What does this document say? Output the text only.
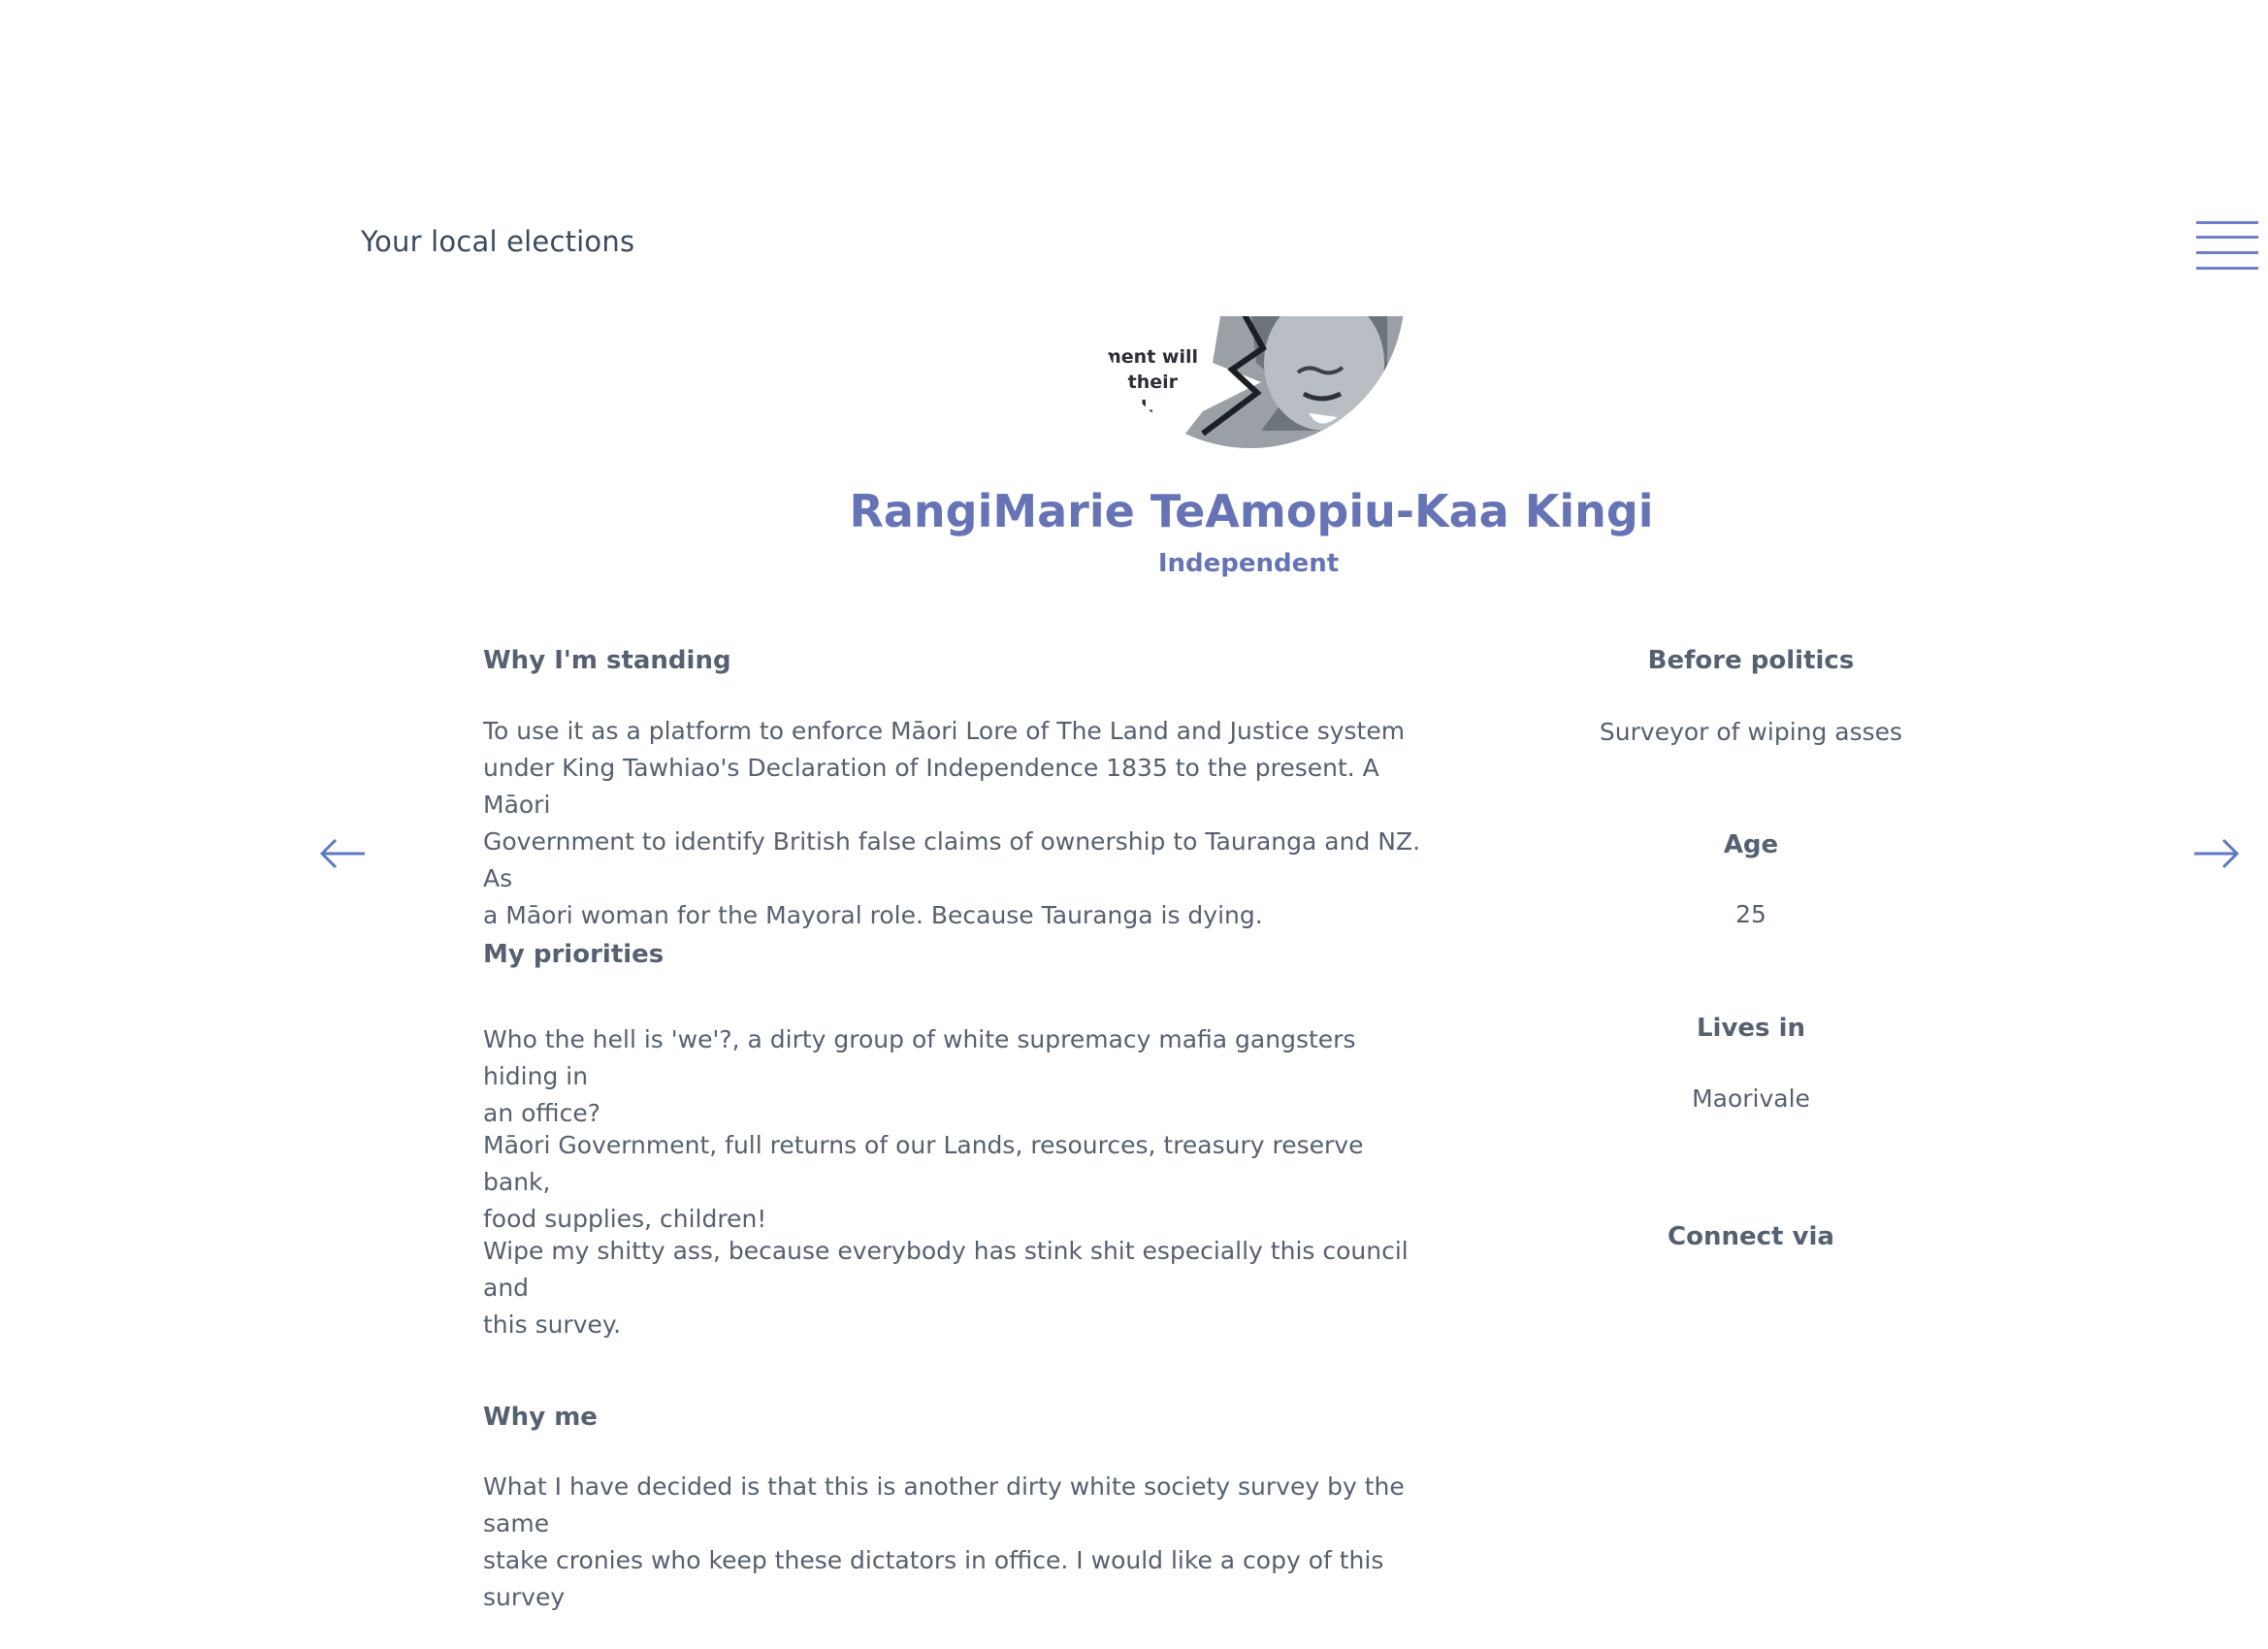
Your local elections
ment will
in their
land.
RangiMarie TeAmopiu-Kaa Kingi
Independent
Why I'm standing
To use it as a platform to enforce Māori Lore of The Land and Justice system
under King Tawhiao's Declaration of Independence 1835 to the present. A Māori
Government to identify British false claims of ownership to Tauranga and NZ. As
a Māori woman for the Mayoral role. Because Tauranga is dying.
My priorities
Who the hell is 'we'?, a dirty group of white supremacy mafia gangsters hiding in
an office?
Māori Government, full returns of our Lands, resources, treasury reserve bank,
food supplies, children!
Wipe my shitty ass, because everybody has stink shit especially this council and
this survey.
Why me
What I have decided is that this is another dirty white society survey by the same
stake cronies who keep these dictators in office. I would like a copy of this survey
Before politics
Surveyor of wiping asses
Age
25
Lives in
Maorivale
Connect via
